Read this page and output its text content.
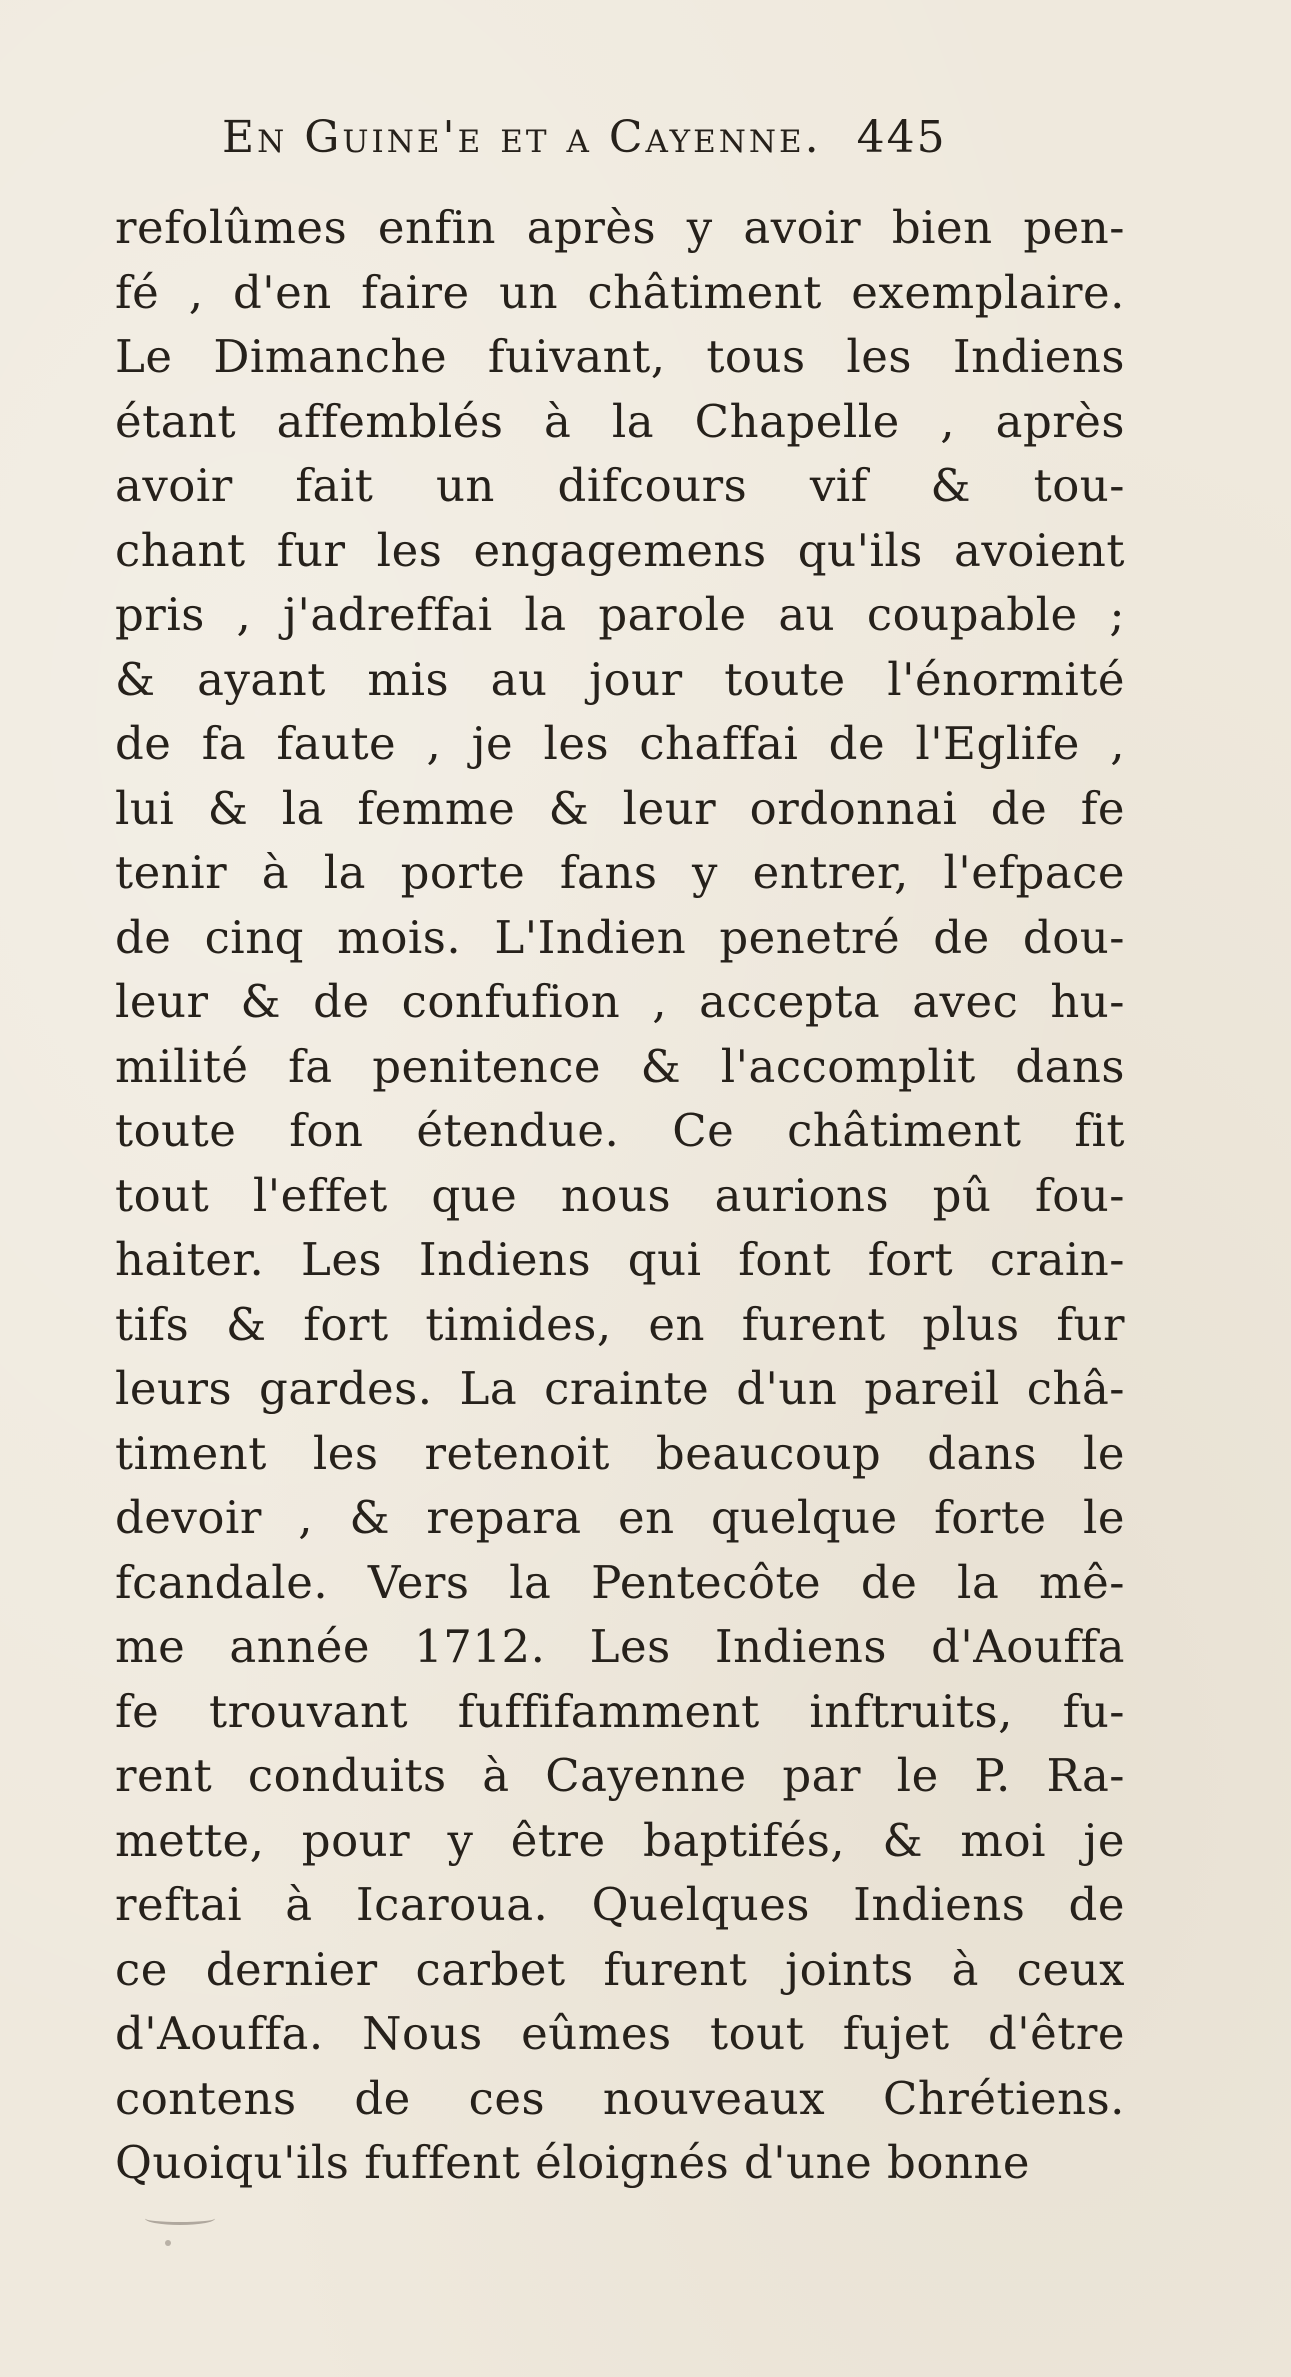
En Guine'e et a Cayenne. 445
refolûmes enfin après y avoir bien pen-
fé , d'en faire un châtiment exemplaire.
Le Dimanche fuivant, tous les Indiens
étant affemblés à la Chapelle , après
avoir fait un difcours vif & tou-
chant fur les engagemens qu'ils avoient
pris , j'adreffai la parole au coupable ;
& ayant mis au jour toute l'énormité
de fa faute , je les chaffai de l'Eglife ,
lui & la femme & leur ordonnai de fe
tenir à la porte fans y entrer, l'efpace
de cinq mois. L'Indien penetré de dou-
leur & de confufion , accepta avec hu-
milité fa penitence & l'accomplit dans
toute fon étendue. Ce châtiment fit
tout l'effet que nous aurions pû fou-
haiter. Les Indiens qui font fort crain-
tifs & fort timides, en furent plus fur
leurs gardes. La crainte d'un pareil châ-
timent les retenoit beaucoup dans le
devoir , & repara en quelque forte le
fcandale. Vers la Pentecôte de la mê-
me année 1712. Les Indiens d'Aouffa
fe trouvant fuffifamment inftruits, fu-
rent conduits à Cayenne par le P. Ra-
mette, pour y être baptifés, & moi je
reftai à Icaroua. Quelques Indiens de
ce dernier carbet furent joints à ceux
d'Aouffa. Nous eûmes tout fujet d'être
contens de ces nouveaux Chrétiens.
Quoiqu'ils fuffent éloignés d'une bonne
